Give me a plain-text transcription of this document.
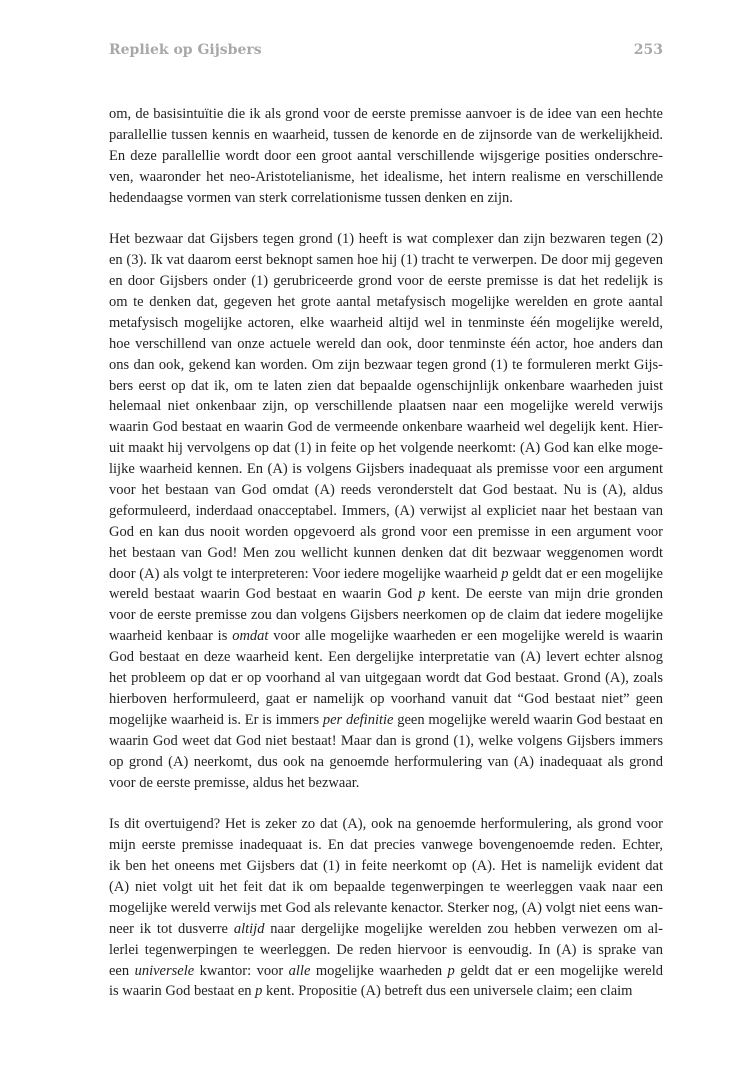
Repliek op Gijsbers	253
om, de basisintuïtie die ik als grond voor de eerste premisse aanvoer is de idee van een hechte
parallellie tussen kennis en waarheid, tussen de kenorde en de zijnsorde van de werkelijkheid.
En deze parallellie wordt door een groot aantal verschillende wijsgerige posities onderschre-
ven, waaronder het neo-Aristotelianisme, het idealisme, het intern realisme en verschillende
hedendaagse vormen van sterk correlationisme tussen denken en zijn.
Het bezwaar dat Gijsbers tegen grond (1) heeft is wat complexer dan zijn bezwaren tegen (2)
en (3). Ik vat daarom eerst beknopt samen hoe hij (1) tracht te verwerpen. De door mij gegeven
en door Gijsbers onder (1) gerubriceerde grond voor de eerste premisse is dat het redelijk is
om te denken dat, gegeven het grote aantal metafysisch mogelijke werelden en grote aantal
metafysisch mogelijke actoren, elke waarheid altijd wel in tenminste één mogelijke wereld,
hoe verschillend van onze actuele wereld dan ook, door tenminste één actor, hoe anders dan
ons dan ook, gekend kan worden. Om zijn bezwaar tegen grond (1) te formuleren merkt Gijs-
bers eerst op dat ik, om te laten zien dat bepaalde ogenschijnlijk onkenbare waarheden juist
helemaal niet onkenbaar zijn, op verschillende plaatsen naar een mogelijke wereld verwijs
waarin God bestaat en waarin God de vermeende onkenbare waarheid wel degelijk kent. Hier-
uit maakt hij vervolgens op dat (1) in feite op het volgende neerkomt: (A) God kan elke moge-
lijke waarheid kennen. En (A) is volgens Gijsbers inadequaat als premisse voor een argument
voor het bestaan van God omdat (A) reeds veronderstelt dat God bestaat. Nu is (A), aldus
geformuleerd, inderdaad onacceptabel. Immers, (A) verwijst al expliciet naar het bestaan van
God en kan dus nooit worden opgevoerd als grond voor een premisse in een argument voor
het bestaan van God! Men zou wellicht kunnen denken dat dit bezwaar weggenomen wordt
door (A) als volgt te interpreteren: Voor iedere mogelijke waarheid p geldt dat er een mogelijke
wereld bestaat waarin God bestaat en waarin God p kent. De eerste van mijn drie gronden
voor de eerste premisse zou dan volgens Gijsbers neerkomen op de claim dat iedere mogelijke
waarheid kenbaar is omdat voor alle mogelijke waarheden er een mogelijke wereld is waarin
God bestaat en deze waarheid kent. Een dergelijke interpretatie van (A) levert echter alsnog
het probleem op dat er op voorhand al van uitgegaan wordt dat God bestaat. Grond (A), zoals
hierboven herformuleerd, gaat er namelijk op voorhand vanuit dat “God bestaat niet” geen
mogelijke waarheid is. Er is immers per definitie geen mogelijke wereld waarin God bestaat en
waarin God weet dat God niet bestaat! Maar dan is grond (1), welke volgens Gijsbers immers
op grond (A) neerkomt, dus ook na genoemde herformulering van (A) inadequaat als grond
voor de eerste premisse, aldus het bezwaar.
Is dit overtuigend? Het is zeker zo dat (A), ook na genoemde herformulering, als grond voor
mijn eerste premisse inadequaat is. En dat precies vanwege bovengenoemde reden. Echter,
ik ben het oneens met Gijsbers dat (1) in feite neerkomt op (A). Het is namelijk evident dat
(A) niet volgt uit het feit dat ik om bepaalde tegenwerpingen te weerleggen vaak naar een
mogelijke wereld verwijs met God als relevante kenactor. Sterker nog, (A) volgt niet eens wan-
neer ik tot dusverre altijd naar dergelijke mogelijke werelden zou hebben verwezen om al-
lerlei tegenwerpingen te weerleggen. De reden hiervoor is eenvoudig. In (A) is sprake van
een universele kwantor: voor alle mogelijke waarheden p geldt dat er een mogelijke wereld
is waarin God bestaat en p kent. Propositie (A) betreft dus een universele claim; een claim
